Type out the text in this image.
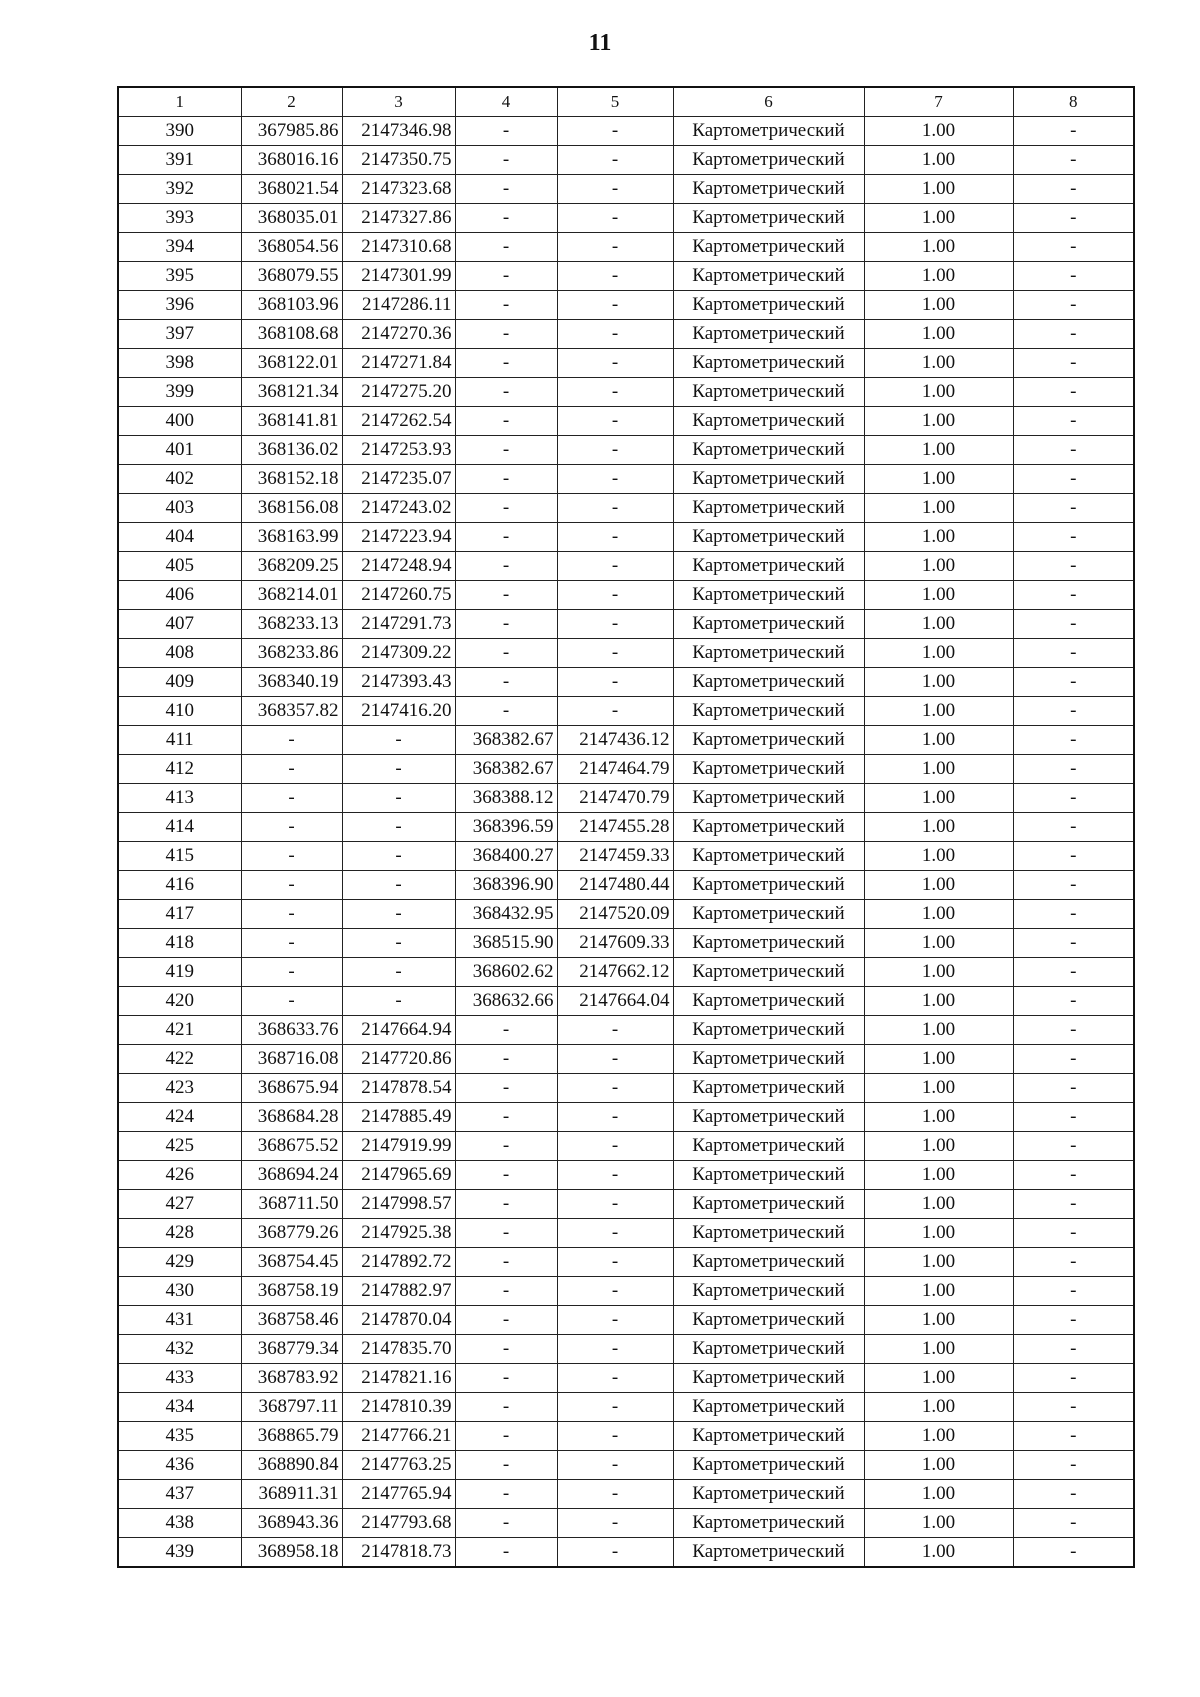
11
1	2	3	4	5	6	7	8
390	367985.86	2147346.98	-	-	Картометрический	1.00	-
391	368016.16	2147350.75	-	-	Картометрический	1.00	-
392	368021.54	2147323.68	-	-	Картометрический	1.00	-
393	368035.01	2147327.86	-	-	Картометрический	1.00	-
394	368054.56	2147310.68	-	-	Картометрический	1.00	-
395	368079.55	2147301.99	-	-	Картометрический	1.00	-
396	368103.96	2147286.11	-	-	Картометрический	1.00	-
397	368108.68	2147270.36	-	-	Картометрический	1.00	-
398	368122.01	2147271.84	-	-	Картометрический	1.00	-
399	368121.34	2147275.20	-	-	Картометрический	1.00	-
400	368141.81	2147262.54	-	-	Картометрический	1.00	-
401	368136.02	2147253.93	-	-	Картометрический	1.00	-
402	368152.18	2147235.07	-	-	Картометрический	1.00	-
403	368156.08	2147243.02	-	-	Картометрический	1.00	-
404	368163.99	2147223.94	-	-	Картометрический	1.00	-
405	368209.25	2147248.94	-	-	Картометрический	1.00	-
406	368214.01	2147260.75	-	-	Картометрический	1.00	-
407	368233.13	2147291.73	-	-	Картометрический	1.00	-
408	368233.86	2147309.22	-	-	Картометрический	1.00	-
409	368340.19	2147393.43	-	-	Картометрический	1.00	-
410	368357.82	2147416.20	-	-	Картометрический	1.00	-
411	-	-	368382.67	2147436.12	Картометрический	1.00	-
412	-	-	368382.67	2147464.79	Картометрический	1.00	-
413	-	-	368388.12	2147470.79	Картометрический	1.00	-
414	-	-	368396.59	2147455.28	Картометрический	1.00	-
415	-	-	368400.27	2147459.33	Картометрический	1.00	-
416	-	-	368396.90	2147480.44	Картометрический	1.00	-
417	-	-	368432.95	2147520.09	Картометрический	1.00	-
418	-	-	368515.90	2147609.33	Картометрический	1.00	-
419	-	-	368602.62	2147662.12	Картометрический	1.00	-
420	-	-	368632.66	2147664.04	Картометрический	1.00	-
421	368633.76	2147664.94	-	-	Картометрический	1.00	-
422	368716.08	2147720.86	-	-	Картометрический	1.00	-
423	368675.94	2147878.54	-	-	Картометрический	1.00	-
424	368684.28	2147885.49	-	-	Картометрический	1.00	-
425	368675.52	2147919.99	-	-	Картометрический	1.00	-
426	368694.24	2147965.69	-	-	Картометрический	1.00	-
427	368711.50	2147998.57	-	-	Картометрический	1.00	-
428	368779.26	2147925.38	-	-	Картометрический	1.00	-
429	368754.45	2147892.72	-	-	Картометрический	1.00	-
430	368758.19	2147882.97	-	-	Картометрический	1.00	-
431	368758.46	2147870.04	-	-	Картометрический	1.00	-
432	368779.34	2147835.70	-	-	Картометрический	1.00	-
433	368783.92	2147821.16	-	-	Картометрический	1.00	-
434	368797.11	2147810.39	-	-	Картометрический	1.00	-
435	368865.79	2147766.21	-	-	Картометрический	1.00	-
436	368890.84	2147763.25	-	-	Картометрический	1.00	-
437	368911.31	2147765.94	-	-	Картометрический	1.00	-
438	368943.36	2147793.68	-	-	Картометрический	1.00	-
439	368958.18	2147818.73	-	-	Картометрический	1.00	-
